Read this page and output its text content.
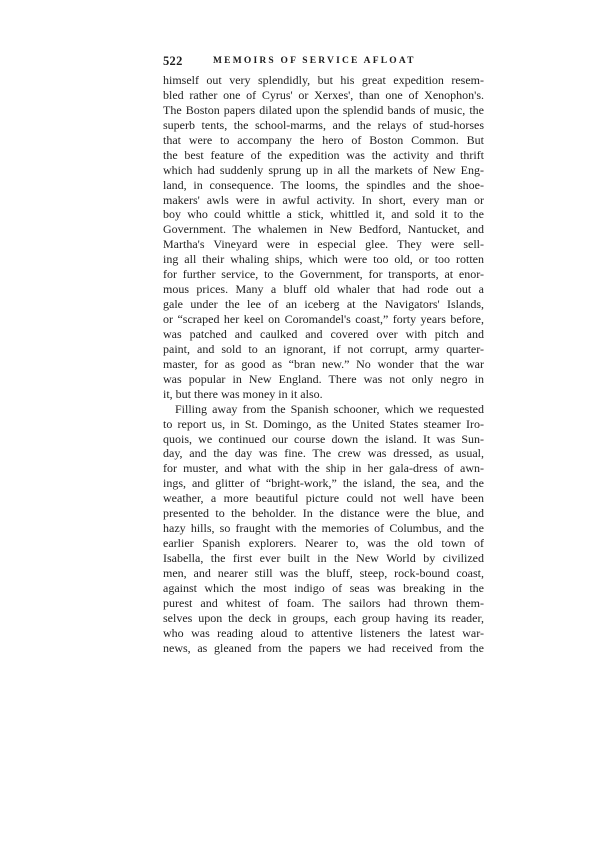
522	MEMOIRS OF SERVICE AFLOAT
himself out very splendidly, but his great expedition resem-
bled rather one of Cyrus' or Xerxes', than one of Xenophon's.
The Boston papers dilated upon the splendid bands of music, the
superb tents, the school-marms, and the relays of stud-horses
that were to accompany the hero of Boston Common. But
the best feature of the expedition was the activity and thrift
which had suddenly sprung up in all the markets of New Eng-
land, in consequence. The looms, the spindles and the shoe-
makers' awls were in awful activity. In short, every man or
boy who could whittle a stick, whittled it, and sold it to the
Government. The whalemen in New Bedford, Nantucket, and
Martha's Vineyard were in especial glee. They were sell-
ing all their whaling ships, which were too old, or too rotten
for further service, to the Government, for transports, at enor-
mous prices. Many a bluff old whaler that had rode out a
gale under the lee of an iceberg at the Navigators' Islands,
or “scraped her keel on Coromandel's coast,” forty years before,
was patched and caulked and covered over with pitch and
paint, and sold to an ignorant, if not corrupt, army quarter-
master, for as good as “bran new.” No wonder that the war
was popular in New England. There was not only negro in
it, but there was money in it also.
Filling away from the Spanish schooner, which we requested
to report us, in St. Domingo, as the United States steamer Iro-
quois, we continued our course down the island. It was Sun-
day, and the day was fine. The crew was dressed, as usual,
for muster, and what with the ship in her gala-dress of awn-
ings, and glitter of “bright-work,” the island, the sea, and the
weather, a more beautiful picture could not well have been
presented to the beholder. In the distance were the blue, and
hazy hills, so fraught with the memories of Columbus, and the
earlier Spanish explorers. Nearer to, was the old town of
Isabella, the first ever built in the New World by civilized
men, and nearer still was the bluff, steep, rock-bound coast,
against which the most indigo of seas was breaking in the
purest and whitest of foam. The sailors had thrown them-
selves upon the deck in groups, each group having its reader,
who was reading aloud to attentive listeners the latest war-
news, as gleaned from the papers we had received from the
